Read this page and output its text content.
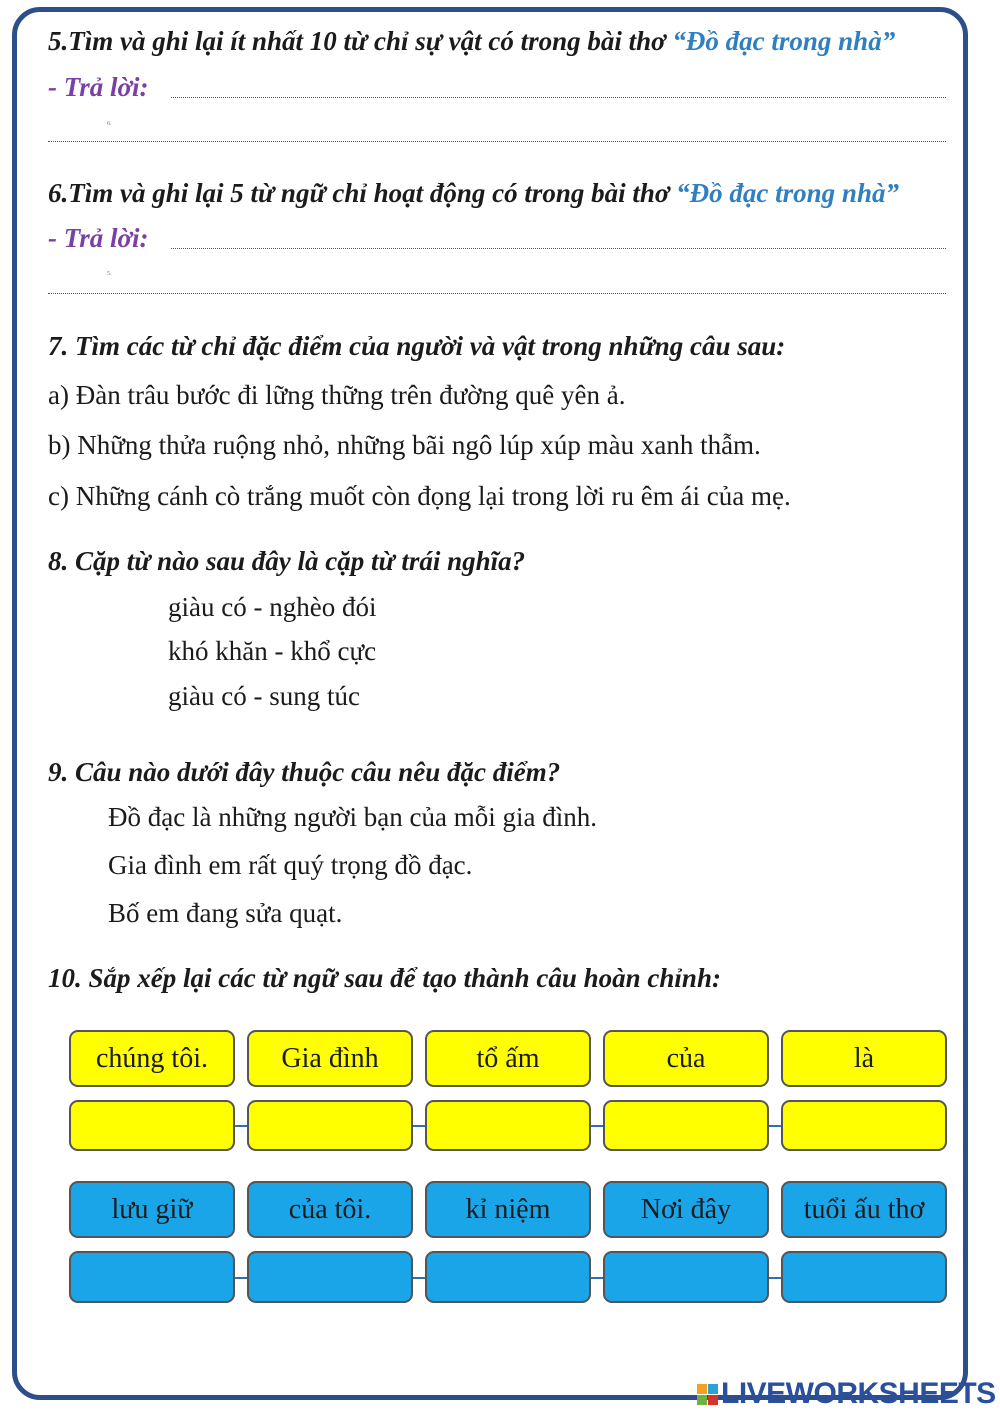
5.Tìm và ghi lại ít nhất 10 từ chỉ sự vật có trong bài thơ “Đồ đạc trong nhà”
- Trả lời:
6.
6.Tìm và ghi lại 5 từ ngữ chỉ hoạt động có trong bài thơ “Đồ đạc trong nhà”
- Trả lời:
5.
7. Tìm các từ chỉ đặc điểm của người và vật trong những câu sau:
a) Đàn trâu bước đi lững thững trên đường quê yên ả.
b) Những thửa ruộng nhỏ, những bãi ngô lúp xúp màu xanh thẫm.
c) Những cánh cò trắng muốt còn đọng lại trong lời ru êm ái của mẹ.
8. Cặp từ nào sau đây là cặp từ trái nghĩa?
giàu có - nghèo đói
khó khăn - khổ cực
giàu có - sung túc
9. Câu nào dưới đây thuộc câu nêu đặc điểm?
Đồ đạc là những người bạn của mỗi gia đình.
Gia đình em rất quý trọng đồ đạc.
Bố em đang sửa quạt.
10. Sắp xếp lại các từ ngữ sau để tạo thành câu hoàn chỉnh:
chúng tôi.	Gia đình	tổ ấm	của	là
lưu giữ	của tôi.	kỉ niệm	Nơi đây	tuổi ấu thơ
LIVEWORKSHEETS
